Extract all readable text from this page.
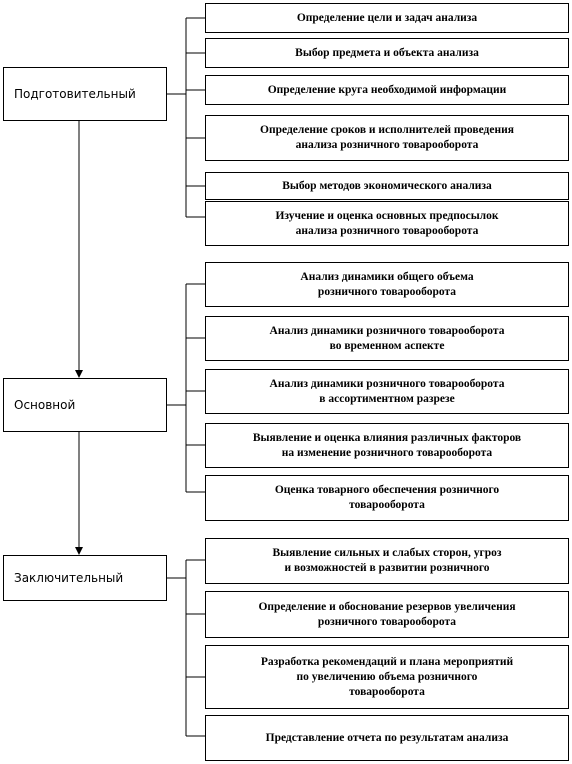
Подготовительный
Определение цели и задач анализа
Выбор предмета и объекта анализа
Определение круга необходимой информации
Определение сроков и исполнителей проведения
анализа розничного товарооборота
Выбор методов экономического анализа
Изучение и оценка основных предпосылок
анализа розничного товарооборота
Основной
Анализ динамики общего объема
розничного товарооборота
Анализ динамики розничного товарооборота
во временном аспекте
Анализ динамики розничного товарооборота
в ассортиментном разрезе
Выявление и оценка влияния различных факторов
на изменение розничного товарооборота
Оценка товарного обеспечения розничного
товарооборота
Заключительный
Выявление сильных и слабых сторон, угроз
и возможностей в развитии розничного
Определение и обоснование резервов увеличения
розничного товарооборота
Разработка рекомендаций и плана мероприятий
по увеличению объема розничного
товарооборота
Представление отчета по результатам анализа
